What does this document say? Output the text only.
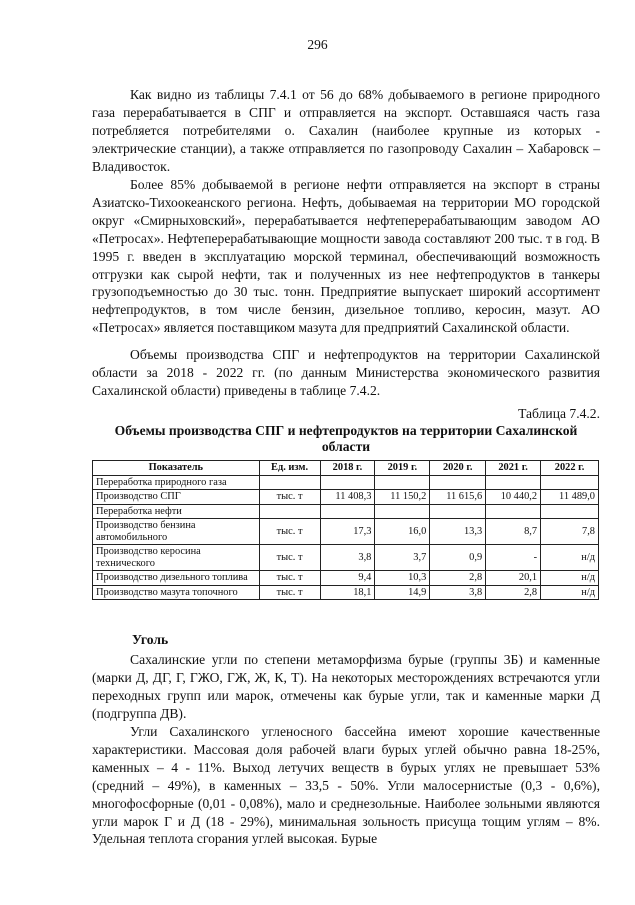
296

Как видно из таблицы 7.4.1 от 56 до 68% добываемого в регионе природного газа перерабатывается в СПГ и отправляется на экспорт. Оставшаяся часть газа потребляется потребителями о. Сахалин (наиболее крупные из которых - электрические станции), а также отправляется по газопроводу Сахалин – Хабаровск – Владивосток.

Более 85% добываемой в регионе нефти отправляется на экспорт в страны Азиатско-Тихоокеанского региона. Нефть, добываемая на территории МО городской округ «Смирныховский», перерабатывается нефтеперерабатывающим заводом АО «Петросах». Нефтеперерабатывающие мощности завода составляют 200 тыс. т в год. В 1995 г. введен в эксплуатацию морской терминал, обеспечивающий возможность отгрузки как сырой нефти, так и полученных из нее нефтепродуктов в танкеры грузоподъемностью до 30 тыс. тонн. Предприятие выпускает широкий ассортимент нефтепродуктов, в том числе бензин, дизельное топливо, керосин, мазут. АО «Петросах» является поставщиком мазута для предприятий Сахалинской области.

Объемы производства СПГ и нефтепродуктов на территории Сахалинской области за 2018 - 2022 гг. (по данным Министерства экономического развития Сахалинской области) приведены в таблице 7.4.2.

Таблица 7.4.2.
Объемы производства СПГ и нефтепродуктов на территории Сахалинской области
Показатель	Ед. изм.	2018 г.	2019 г.	2020 г.	2021 г.	2022 г.
Переработка природного газа						
Производство СПГ	тыс. т	11 408,3	11 150,2	11 615,6	10 440,2	11 489,0
Переработка нефти						
Производство бензина автомобильного	тыс. т	17,3	16,0	13,3	8,7	7,8
Производство керосина технического	тыс. т	3,8	3,7	0,9	-	н/д
Производство дизельного топлива	тыс. т	9,4	10,3	2,8	20,1	н/д
Производство мазута топочного	тыс. т	18,1	14,9	3,8	2,8	н/д
Уголь

Сахалинские угли по степени метаморфизма бурые (группы 3Б) и каменные (марки Д, ДГ, Г, ГЖО, ГЖ, Ж, К, Т). На некоторых месторождениях встречаются угли переходных групп или марок, отмечены как бурые угли, так и каменные марки Д (подгруппа ДВ).

Угли Сахалинского угленосного бассейна имеют хорошие качественные характеристики. Массовая доля рабочей влаги бурых углей обычно равна 18-25%, каменных – 4 - 11%. Выход летучих веществ в бурых углях не превышает 53% (средний – 49%), в каменных – 33,5 - 50%. Угли малосернистые (0,3 - 0,6%), многофосфорные (0,01 - 0,08%), мало и среднезольные. Наиболее зольными являются угли марок Г и Д (18 - 29%), минимальная зольность присуща тощим углям – 8%. Удельная теплота сгорания углей высокая. Бурые
